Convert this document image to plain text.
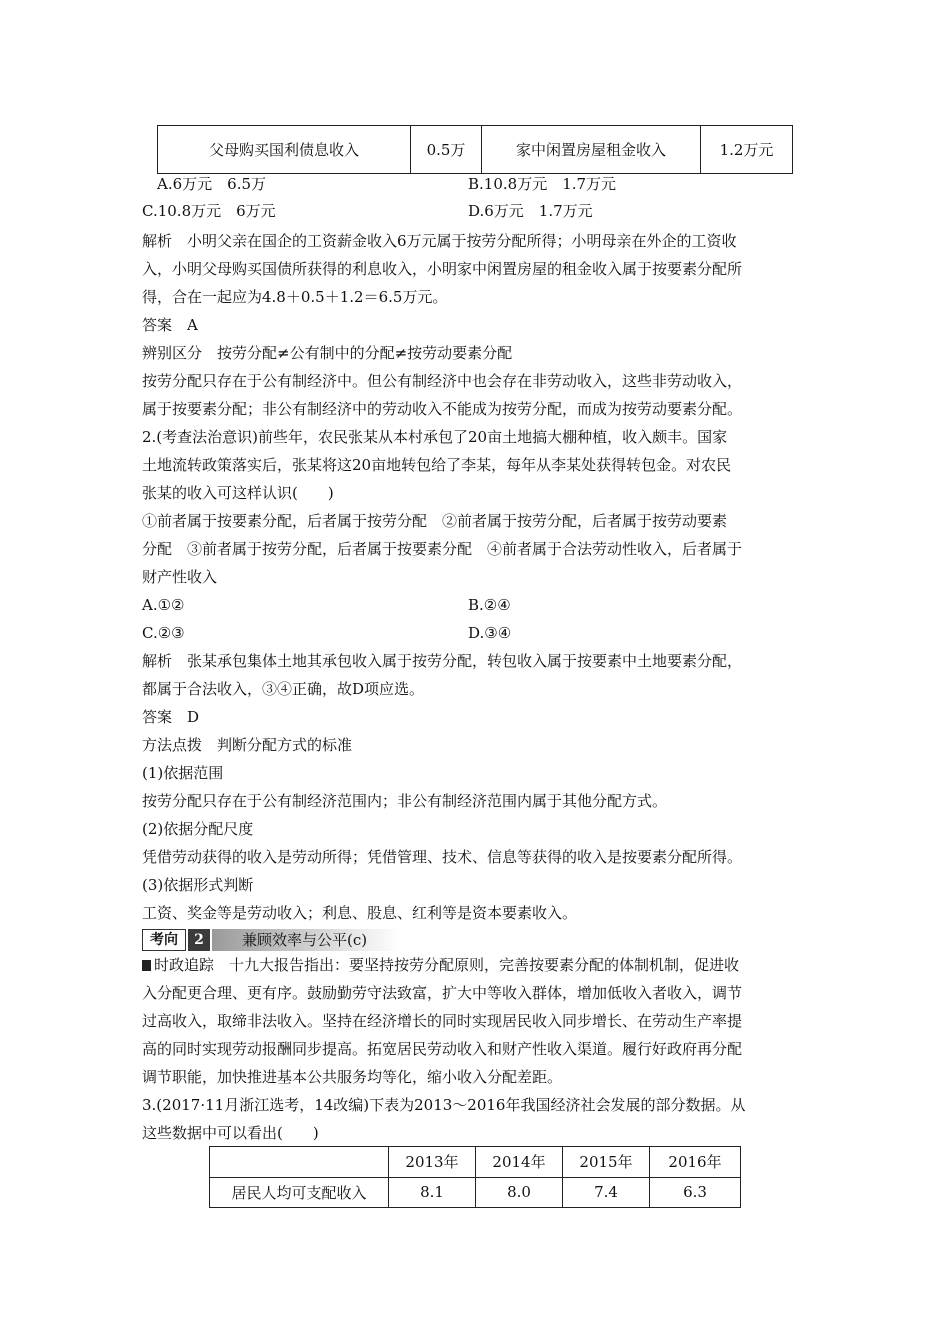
父母购买国利债息收入	0.5万	家中闲置房屋租金收入	1.2万元
A.6万元　6.5万	B.10.8万元　1.7万元
C.10.8万元　6万元	D.6万元　1.7万元
解析　小明父亲在国企的工资薪金收入6万元属于按劳分配所得；小明母亲在外企的工资收
入，小明父母购买国债所获得的利息收入，小明家中闲置房屋的租金收入属于按要素分配所
得，合在一起应为4.8＋0.5＋1.2＝6.5万元。
答案　A
辨别区分　按劳分配≠公有制中的分配≠按劳动要素分配
按劳分配只存在于公有制经济中。但公有制经济中也会存在非劳动收入，这些非劳动收入，
属于按要素分配；非公有制经济中的劳动收入不能成为按劳分配，而成为按劳动要素分配。
2.(考查法治意识)前些年，农民张某从本村承包了20亩土地搞大棚种植，收入颇丰。国家
土地流转政策落实后，张某将这20亩地转包给了李某，每年从李某处获得转包金。对农民
张某的收入可这样认识(　　)
①前者属于按要素分配，后者属于按劳分配　②前者属于按劳分配，后者属于按劳动要素
分配　③前者属于按劳分配，后者属于按要素分配　④前者属于合法劳动性收入，后者属于
财产性收入
A.①②	B.②④
C.②③	D.③④
解析　张某承包集体土地其承包收入属于按劳分配，转包收入属于按要素中土地要素分配，
都属于合法收入，③④正确，故D项应选。
答案　D
方法点拨　判断分配方式的标准
(1)依据范围
按劳分配只存在于公有制经济范围内；非公有制经济范围内属于其他分配方式。
(2)依据分配尺度
凭借劳动获得的收入是劳动所得；凭借管理、技术、信息等获得的收入是按要素分配所得。
(3)依据形式判断
工资、奖金等是劳动收入；利息、股息、红利等是资本要素收入。
考向	2	兼顾效率与公平(c)
时政追踪　十九大报告指出：要坚持按劳分配原则，完善按要素分配的体制机制，促进收
入分配更合理、更有序。鼓励勤劳守法致富，扩大中等收入群体，增加低收入者收入，调节
过高收入，取缔非法收入。坚持在经济增长的同时实现居民收入同步增长、在劳动生产率提
高的同时实现劳动报酬同步提高。拓宽居民劳动收入和财产性收入渠道。履行好政府再分配
调节职能，加快推进基本公共服务均等化，缩小收入分配差距。
3.(2017·11月浙江选考，14改编)下表为2013～2016年我国经济社会发展的部分数据。从
这些数据中可以看出(　　)
	2013年	2014年	2015年	2016年
居民人均可支配收入	8.1	8.0	7.4	6.3
